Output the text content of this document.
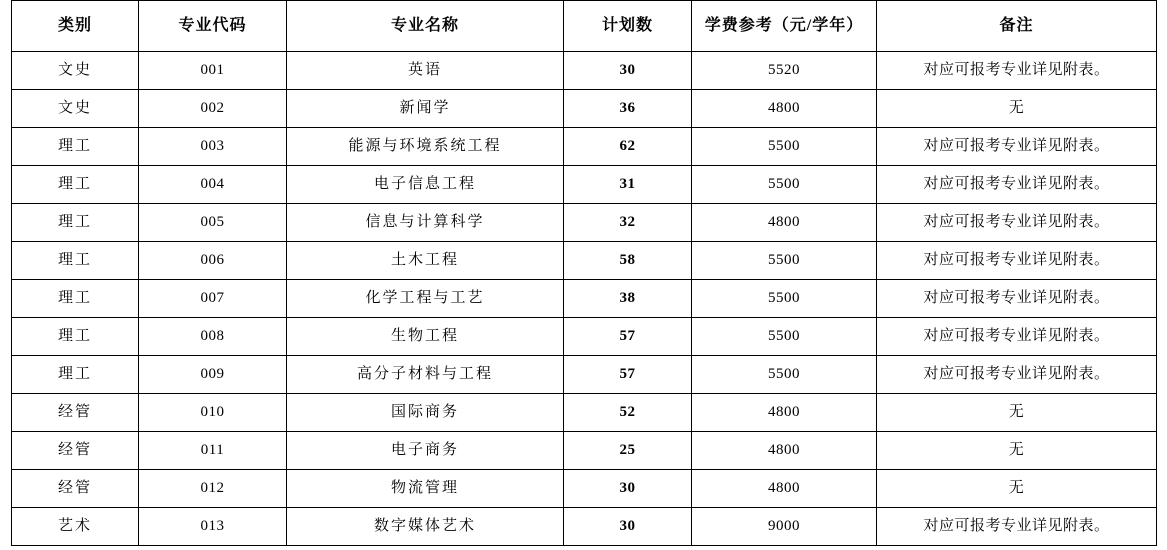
类别	专业代码	专业名称	计划数	学费参考（元/学年）	备注
文史	001	英语	30	5520	对应可报考专业详见附表。
文史	002	新闻学	36	4800	无
理工	003	能源与环境系统工程	62	5500	对应可报考专业详见附表。
理工	004	电子信息工程	31	5500	对应可报考专业详见附表。
理工	005	信息与计算科学	32	4800	对应可报考专业详见附表。
理工	006	土木工程	58	5500	对应可报考专业详见附表。
理工	007	化学工程与工艺	38	5500	对应可报考专业详见附表。
理工	008	生物工程	57	5500	对应可报考专业详见附表。
理工	009	高分子材料与工程	57	5500	对应可报考专业详见附表。
经管	010	国际商务	52	4800	无
经管	011	电子商务	25	4800	无
经管	012	物流管理	30	4800	无
艺术	013	数字媒体艺术	30	9000	对应可报考专业详见附表。
